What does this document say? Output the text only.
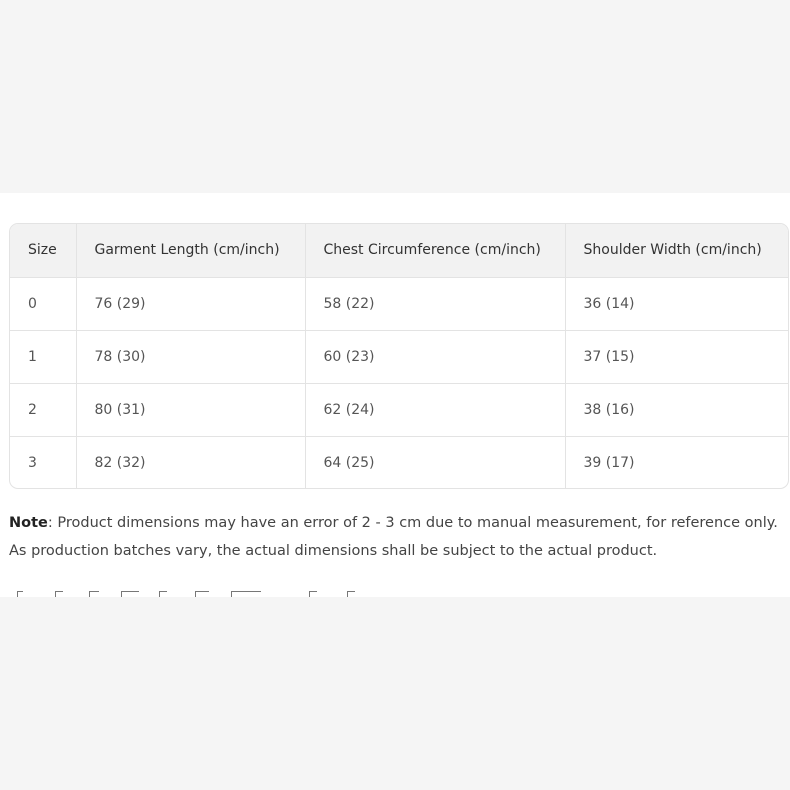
Size	Garment Length (cm/inch)	Chest Circumference (cm/inch)	Shoulder Width (cm/inch)
0	76 (29)	58 (22)	36 (14)
1	78 (30)	60 (23)	37 (15)
2	80 (31)	62 (24)	38 (16)
3	82 (32)	64 (25)	39 (17)

Note: Product dimensions may have an error of 2 - 3 cm due to manual measurement, for reference only. As production batches vary, the actual dimensions shall be subject to the actual product.
